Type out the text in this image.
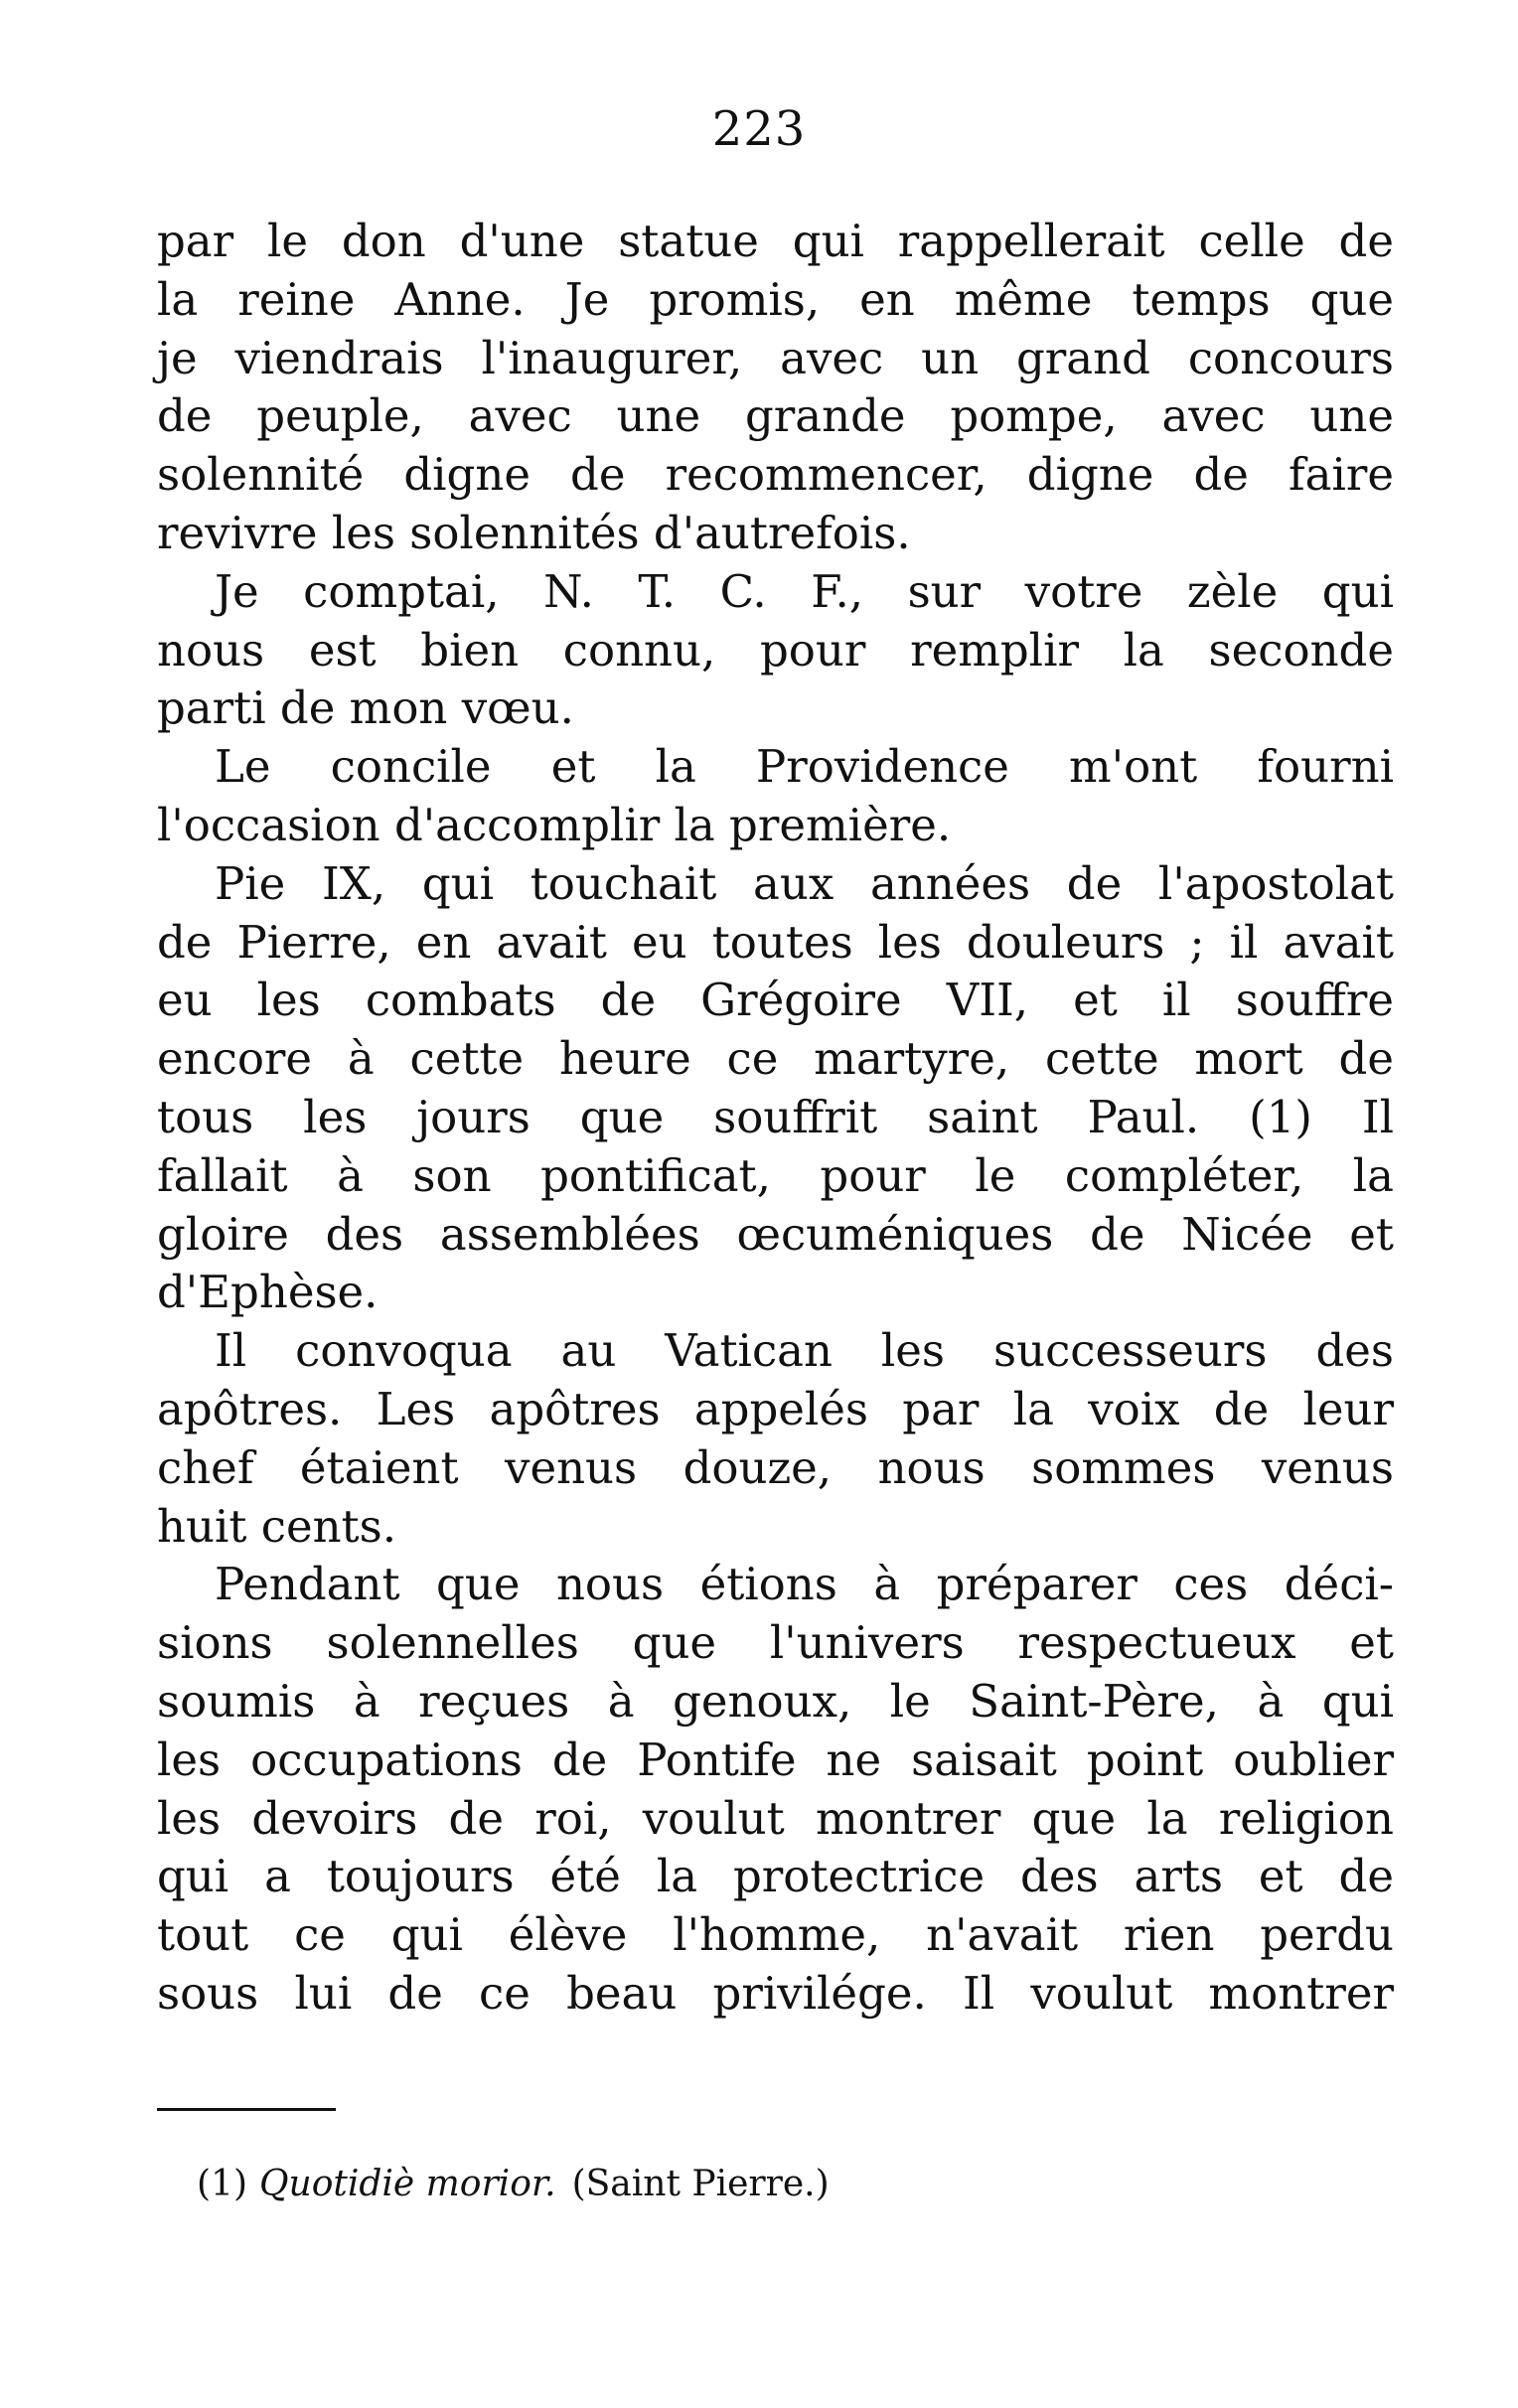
223
par le don d'une statue qui rappellerait celle de
la reine Anne. Je promis, en même temps que
je viendrais l'inaugurer, avec un grand concours
de peuple, avec une grande pompe, avec une
solennité digne de recommencer, digne de faire
revivre les solennités d'autrefois.
Je comptai, N. T. C. F., sur votre zèle qui
nous est bien connu, pour remplir la seconde
parti de mon vœu.
Le concile et la Providence m'ont fourni
l'occasion d'accomplir la première.
Pie IX, qui touchait aux années de l'apostolat
de Pierre, en avait eu toutes les douleurs ; il avait
eu les combats de Grégoire VII, et il souffre
encore à cette heure ce martyre, cette mort de
tous les jours que souffrit saint Paul. (1) Il
fallait à son pontificat, pour le compléter, la
gloire des assemblées œcuméniques de Nicée et
d'Ephèse.
Il convoqua au Vatican les successeurs des
apôtres. Les apôtres appelés par la voix de leur
chef étaient venus douze, nous sommes venus
huit cents.
Pendant que nous étions à préparer ces déci-
sions solennelles que l'univers respectueux et
soumis à reçues à genoux, le Saint-Père, à qui
les occupations de Pontife ne saisait point oublier
les devoirs de roi, voulut montrer que la religion
qui a toujours été la protectrice des arts et de
tout ce qui élève l'homme, n'avait rien perdu
sous lui de ce beau privilége. Il voulut montrer
(1) Quotidiè morior. (Saint Pierre.)
